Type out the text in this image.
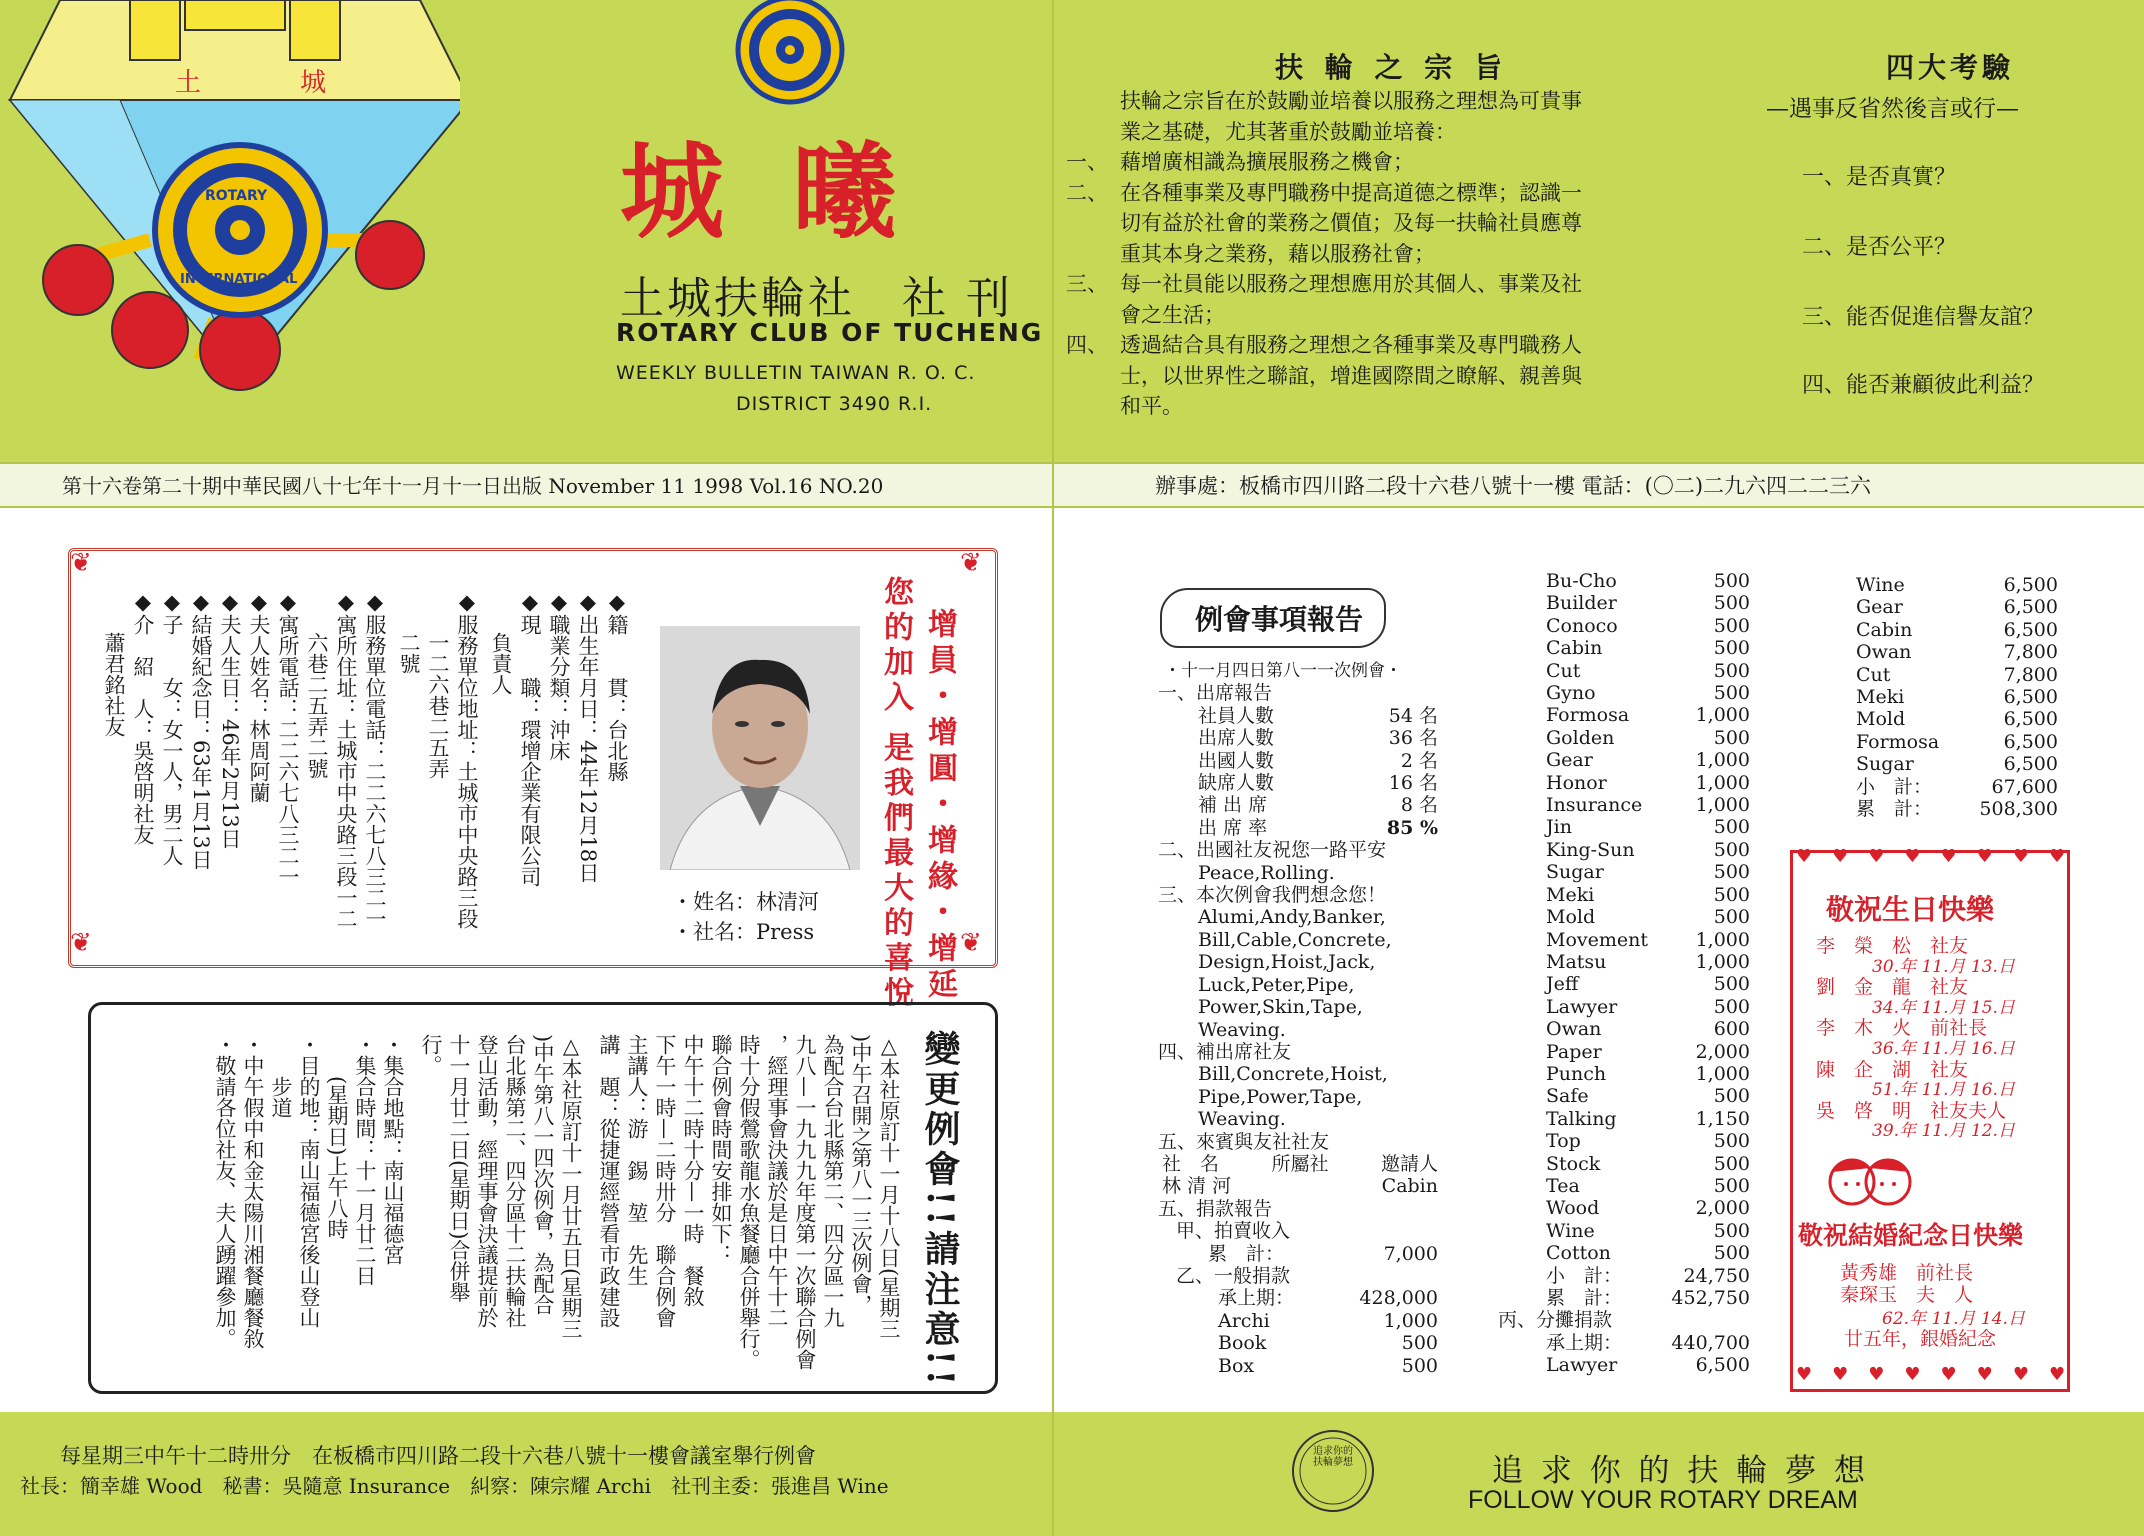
土	城
ROTARY
INTERNATIONAL
城 曦
土城扶輪社　社 刊
ROTARY CLUB OF TUCHENG
WEEKLY BULLETIN TAIWAN R. O. C.
DISTRICT 3490 R.I.
扶 輪 之 宗 旨
扶輪之宗旨在於鼓勵並培養以服務之理想為可貴事
業之基礎，尤其著重於鼓勵並培養：
一、 藉增廣相識為擴展服務之機會；
二、 在各種事業及專門職務中提高道德之標準；認識一
切有益於社會的業務之價值；及每一扶輪社員應尊
重其本身之業務，藉以服務社會；
三、 每一社員能以服務之理想應用於其個人、事業及社
會之生活；
四、 透過結合具有服務之理想之各種事業及專門職務人
士，以世界性之聯誼，增進國際間之瞭解、親善與
和平。
四大考驗
—遇事反省然後言或行—
一、是否真實？
二、是否公平？
三、能否促進信譽友誼？
四、能否兼顧彼此利益？
第十六卷第二十期中華民國八十七年十一月十一日出版 November 11 1998 Vol.16 NO.20	辦事處：板橋市四川路二段十六巷八號十一樓 電話：(〇二)二九六四二二三六
❦	❦
❦	❦
增員・增圓・增緣・增延
您的加入 是我們最大的喜悅
・姓名：林清河
・社名：Press
◆籍　　貫：台北縣
◆出生年月日：44年12月18日
◆職業分類：沖床
◆現　　職：環增企業有限公司
　　負責人
◆服務單位地址：土城市中央路三段
　　一二六巷二五弄
　　二號
◆服務單位電話：二二六七八三二一
◆寓所住址：土城市中央路三段一二
　　六巷二五弄二號
◆寓所電話：二二六七八三二一
◆夫人姓名：林周阿蘭
◆夫人生日：46年2月13日
◆結婚紀念日：63年1月13日
◆子　　女：女一人，男二人
◆介　紹　人：吳啓明社友
　　蕭君銘社友
變更例會!!請注意!!
△本社原訂十一月十八日(星期三
)中午召開之第八一三次例會，
為配合台北縣第二、四分區一九
九八—一九九九年度第一次聯合例會
，經理事會決議於是日中午十二
時十分假鶯歌龍水魚餐廳合併舉行。
聯合例會時間安排如下：
中午十二時十分—一時　餐敘
下午一時—二時卅分　聯合例會
主講人：游　錫　堃　先生
講　題：從捷運經營看市政建設
△本社原訂十一月廿五日(星期三
)中午第八一四次例會，為配合
台北縣第二、四分區十二扶輪社
登山活動，經理事會決議提前於
十一月廿二日(星期日)合併舉
行。
・集合地點：南山福德宮
・集合時間：十一月廿二日
　　(星期日)上午八時
・目的地：南山福德宮後山登山
　　步道
・中午假中和金太陽川湘餐廳餐敘
・敬請各位社友、夫人踴躍參加。
每星期三中午十二時卅分　在板橋市四川路二段十六巷八號十一樓會議室舉行例會
社長：簡幸雄 Wood　秘書：吳隨意 Insurance　糾察：陳宗耀 Archi　社刊主委：張進昌 Wine
例會事項報告
・十一月四日第八一一次例會・
一、出席報告
社員人數	54 名
出席人數	36 名
出國人數	2 名
缺席人數	16 名
補 出 席	8 名
出 席 率	85 %
二、出國社友祝您一路平安
Peace,Rolling.
三、本次例會我們想念您！
Alumi,Andy,Banker,
Bill,Cable,Concrete,
Design,Hoist,Jack,
Luck,Peter,Pipe,
Power,Skin,Tape,
Weaving.
四、補出席社友
Bill,Concrete,Hoist,
Pipe,Power,Tape,
Weaving.
五、來賓與友社社友
社　名	所屬社	邀請人
林 清 河	Cabin
五、捐款報告
甲、拍賣收入
累　計：	7,000
乙、一般捐款
承上期：	428,000
Archi	1,000
Book	500
Box	500
Bu-Cho	500
Builder	500
Conoco	500
Cabin	500
Cut	500
Gyno	500
Formosa	1,000
Golden	500
Gear	1,000
Honor	1,000
Insurance	1,000
Jin	500
King-Sun	500
Sugar	500
Meki	500
Mold	500
Movement	1,000
Matsu	1,000
Jeff	500
Lawyer	500
Owan	600
Paper	2,000
Punch	1,000
Safe	500
Talking	1,150
Top	500
Stock	500
Tea	500
Wood	2,000
Wine	500
Cotton	500
小　計：	24,750
累　計：	452,750
丙、分攤捐款
承上期：	440,700
Lawyer	6,500
Wine	6,500
Gear	6,500
Cabin	6,500
Owan	7,800
Cut	7,800
Meki	6,500
Mold	6,500
Formosa	6,500
Sugar	6,500
小　計：	67,600
累　計： 508,300
♥♥♥♥♥♥♥♥
♥♥♥♥♥♥♥♥
敬祝生日快樂
李　榮　松　社友
30.年 11.月 13.日
劉　金　龍　社友
34.年 11.月 15.日
李　木　火　前社長
36.年 11.月 16.日
陳　企　湖　社友
51.年 11.月 16.日
吳　啓　明　社友夫人
39.年 11.月 12.日
敬祝結婚紀念日快樂
黃秀雄　前社長
秦琛玉　夫　人
62.年 11.月 14.日
廿五年，銀婚紀念
追求你的扶輪夢想	追 求 你 的 扶 輪 夢 想
FOLLOW YOUR ROTARY DREAM
